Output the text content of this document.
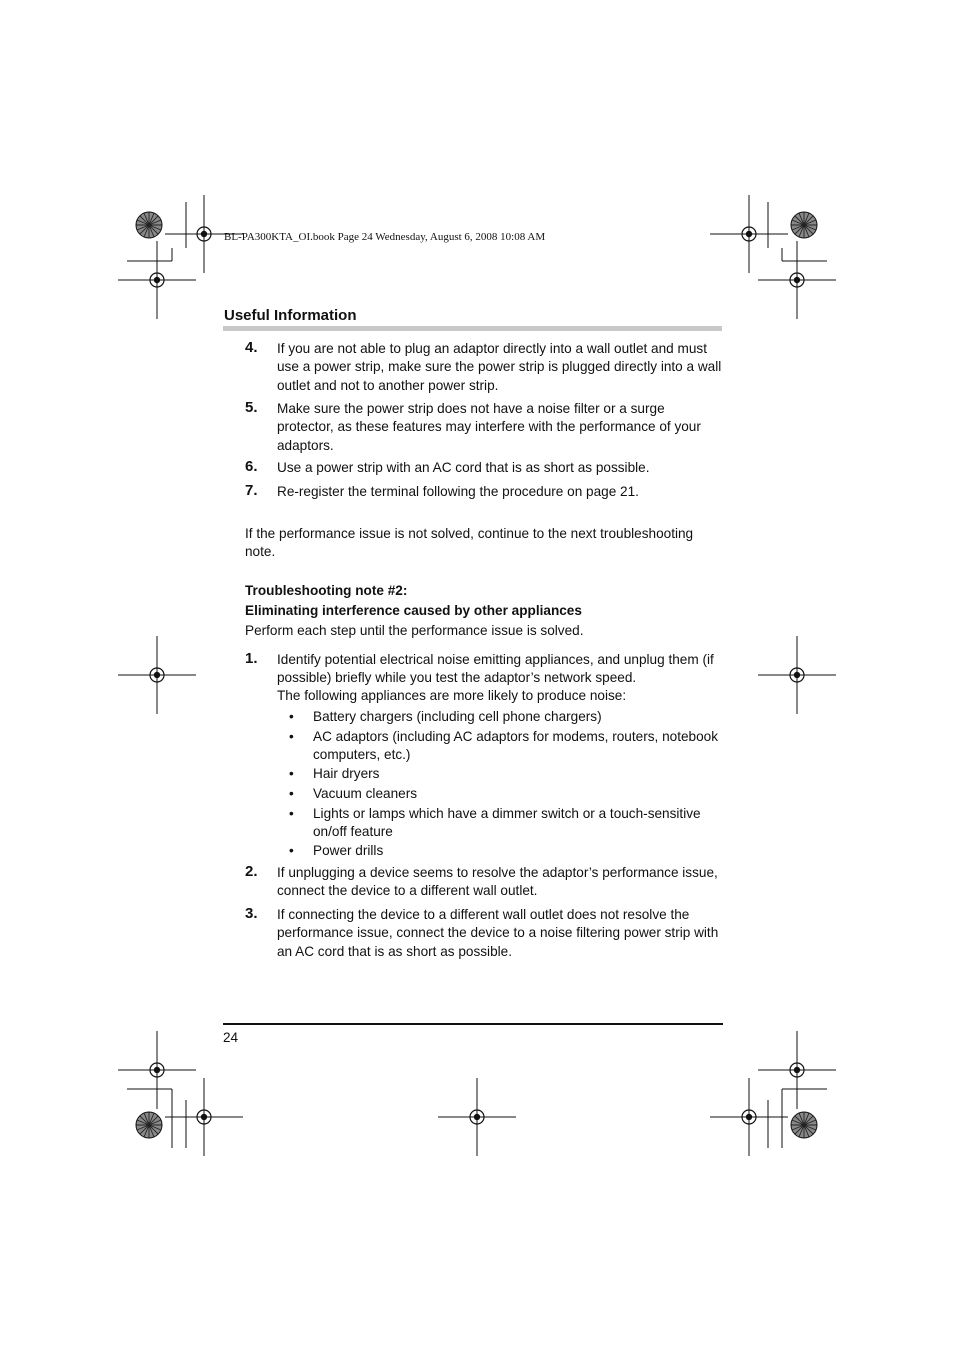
BL-PA300KTA_OI.book Page 24 Wednesday, August 6, 2008 10:08 AM
Useful Information
4. If you are not able to plug an adaptor directly into a wall outlet and must use a power strip, make sure the power strip is plugged directly into a wall outlet and not to another power strip.
5. Make sure the power strip does not have a noise filter or a surge protector, as these features may interfere with the performance of your adaptors.
6. Use a power strip with an AC cord that is as short as possible.
7. Re-register the terminal following the procedure on page 21.
If the performance issue is not solved, continue to the next troubleshooting note.
Troubleshooting note #2:
Eliminating interference caused by other appliances
Perform each step until the performance issue is solved.
1. Identify potential electrical noise emitting appliances, and unplug them (if possible) briefly while you test the adaptor’s network speed.
The following appliances are more likely to produce noise:
• Battery chargers (including cell phone chargers)
• AC adaptors (including AC adaptors for modems, routers, notebook computers, etc.)
• Hair dryers
• Vacuum cleaners
• Lights or lamps which have a dimmer switch or a touch-sensitive on/off feature
• Power drills
2. If unplugging a device seems to resolve the adaptor’s performance issue, connect the device to a different wall outlet.
3. If connecting the device to a different wall outlet does not resolve the performance issue, connect the device to a noise filtering power strip with an AC cord that is as short as possible.
24
